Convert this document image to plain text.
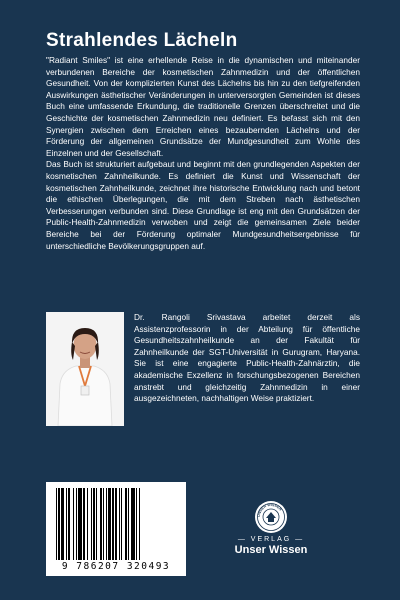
Strahlendes Lächeln

"Radiant Smiles" ist eine erhellende Reise in die dynamischen und miteinander verbundenen Bereiche der kosmetischen Zahnmedizin und der öffentlichen Gesundheit. Von der komplizierten Kunst des Lächelns bis hin zu den tiefgreifenden Auswirkungen ästhetischer Veränderungen in unterversorgten Gemeinden ist dieses Buch eine umfassende Erkundung, die traditionelle Grenzen überschreitet und die Geschichte der kosmetischen Zahnmedizin neu definiert. Es befasst sich mit den Synergien zwischen dem Erreichen eines bezaubernden Lächelns und der Förderung der allgemeinen Grundsätze der Mundgesundheit zum Wohle des Einzelnen und der Gesellschaft.

Das Buch ist strukturiert aufgebaut und beginnt mit den grundlegenden Aspekten der kosmetischen Zahnheilkunde. Es definiert die Kunst und Wissenschaft der kosmetischen Zahnheilkunde, zeichnet ihre historische Entwicklung nach und betont die ethischen Überlegungen, die mit dem Streben nach ästhetischen Verbesserungen verbunden sind. Diese Grundlage ist eng mit den Grundsätzen der Public-Health-Zahnmedizin verwoben und zeigt die gemeinsamen Ziele beider Bereiche bei der Förderung optimaler Mundgesundheitsergebnisse für unterschiedliche Bevölkerungsgruppen auf.

Dr. Rangoli Srivastava arbeitet derzeit als Assistenzprofessorin in der Abteilung für öffentliche Gesundheitszahnheilkunde an der Fakultät für Zahnheilkunde der SGT-Universität in Gurugram, Haryana. Sie ist eine engagierte Public-Health-Zahnärztin, die akademische Exzellenz in forschungsbezogenen Bereichen anstrebt und gleichzeitig Zahnmedizin in einer ausgezeichneten, nachhaltigen Weise praktiziert.

9 786207 320493
UNSER WISSEN
— VERLAG —
Unser Wissen
